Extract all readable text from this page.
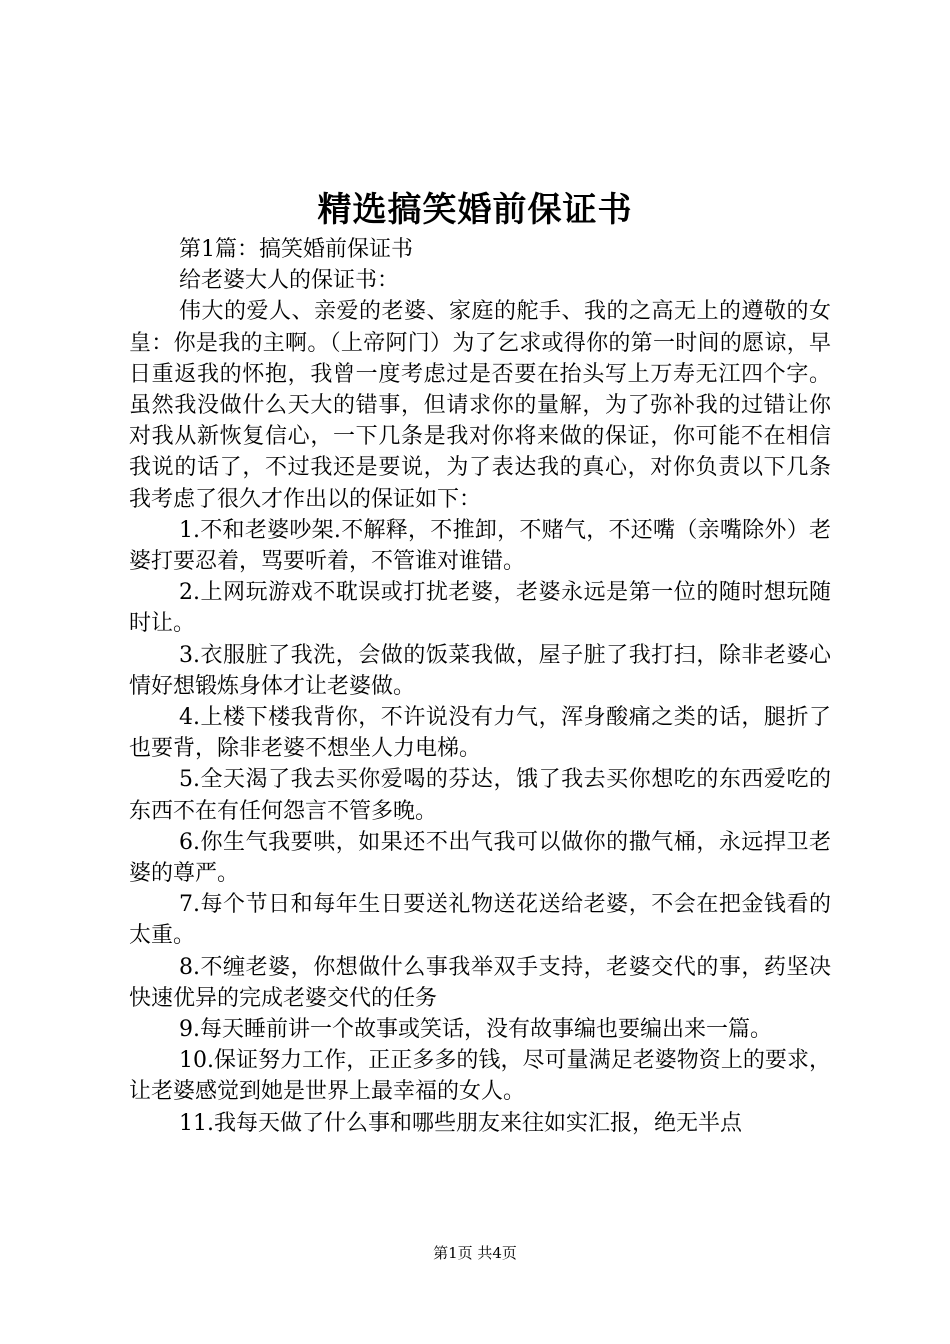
精选搞笑婚前保证书

第1篇：搞笑婚前保证书

给老婆大人的保证书：

伟大的爱人、亲爱的老婆、家庭的舵手、我的之高无上的遵敬的女皇：你是我的主啊。（上帝阿门）为了乞求或得你的第一时间的愿谅，早日重返我的怀抱，我曾一度考虑过是否要在抬头写上万寿无江四个字。虽然我没做什么天大的错事，但请求你的量解，为了弥补我的过错让你对我从新恢复信心，一下几条是我对你将来做的保证，你可能不在相信我说的话了，不过我还是要说，为了表达我的真心，对你负责以下几条我考虑了很久才作出以的保证如下：

1.不和老婆吵架.不解释，不推卸，不赌气，不还嘴（亲嘴除外）老婆打要忍着，骂要听着，不管谁对谁错。

2.上网玩游戏不耽误或打扰老婆，老婆永远是第一位的随时想玩随时让。

3.衣服脏了我洗，会做的饭菜我做，屋子脏了我打扫，除非老婆心情好想锻炼身体才让老婆做。

4.上楼下楼我背你，不许说没有力气，浑身酸痛之类的话，腿折了也要背，除非老婆不想坐人力电梯。

5.全天渴了我去买你爱喝的芬达，饿了我去买你想吃的东西爱吃的东西不在有任何怨言不管多晚。

6.你生气我要哄，如果还不出气我可以做你的撒气桶，永远捍卫老婆的尊严。

7.每个节日和每年生日要送礼物送花送给老婆，不会在把金钱看的太重。

8.不缠老婆，你想做什么事我举双手支持，老婆交代的事，药坚决快速优异的完成老婆交代的任务

9.每天睡前讲一个故事或笑话，没有故事编也要编出来一篇。

10.保证努力工作，正正多多的钱，尽可量满足老婆物资上的要求，让老婆感觉到她是世界上最幸福的女人。

11.我每天做了什么事和哪些朋友来往如实汇报，绝无半点

第1页 共4页
